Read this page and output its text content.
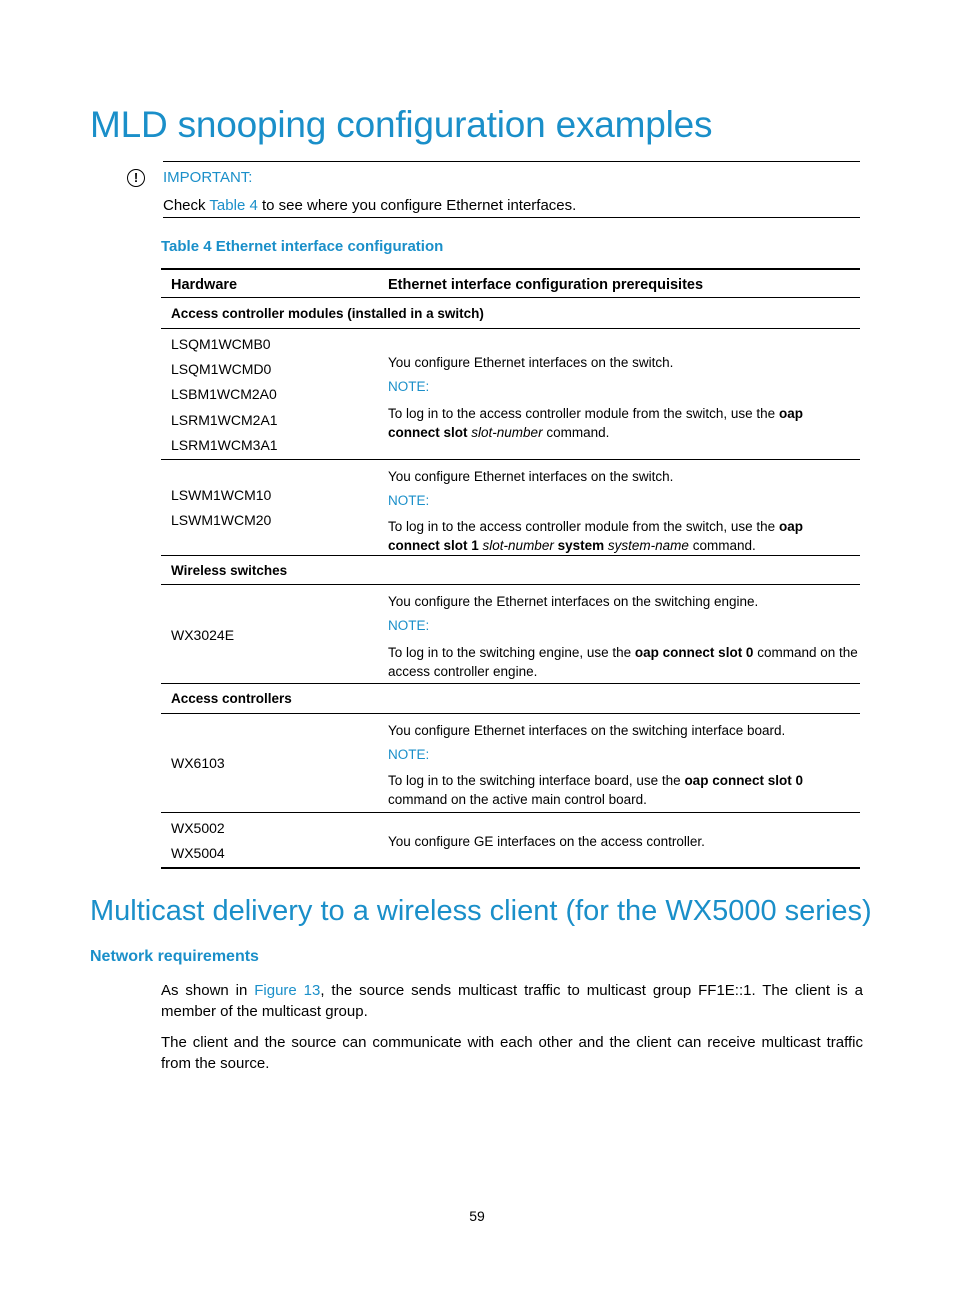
MLD snooping configuration examples
!	IMPORTANT:
Check Table 4 to see where you configure Ethernet interfaces.
Table 4 Ethernet interface configuration
Hardware	Ethernet interface configuration prerequisites
Access controller modules (installed in a switch)
LSQM1WCMB0
LSQM1WCMD0
LSBM1WCM2A0
LSRM1WCM2A1
LSRM1WCM3A1
You configure Ethernet interfaces on the switch.
NOTE:
To log in to the access controller module from the switch, use the oap connect slot slot-number command.
LSWM1WCM10
LSWM1WCM20
You configure Ethernet interfaces on the switch.
NOTE:
To log in to the access controller module from the switch, use the oap connect slot 1 slot-number system system-name command.
Wireless switches
WX3024E
You configure the Ethernet interfaces on the switching engine.
NOTE:
To log in to the switching engine, use the oap connect slot 0 command on the access controller engine.
Access controllers
WX6103
You configure Ethernet interfaces on the switching interface board.
NOTE:
To log in to the switching interface board, use the oap connect slot 0 command on the active main control board.
WX5002
WX5004
You configure GE interfaces on the access controller.
Multicast delivery to a wireless client (for the WX5000 series)
Network requirements
As shown in Figure 13, the source sends multicast traffic to multicast group FF1E::1. The client is a member of the multicast group.
The client and the source can communicate with each other and the client can receive multicast traffic from the source.
59
